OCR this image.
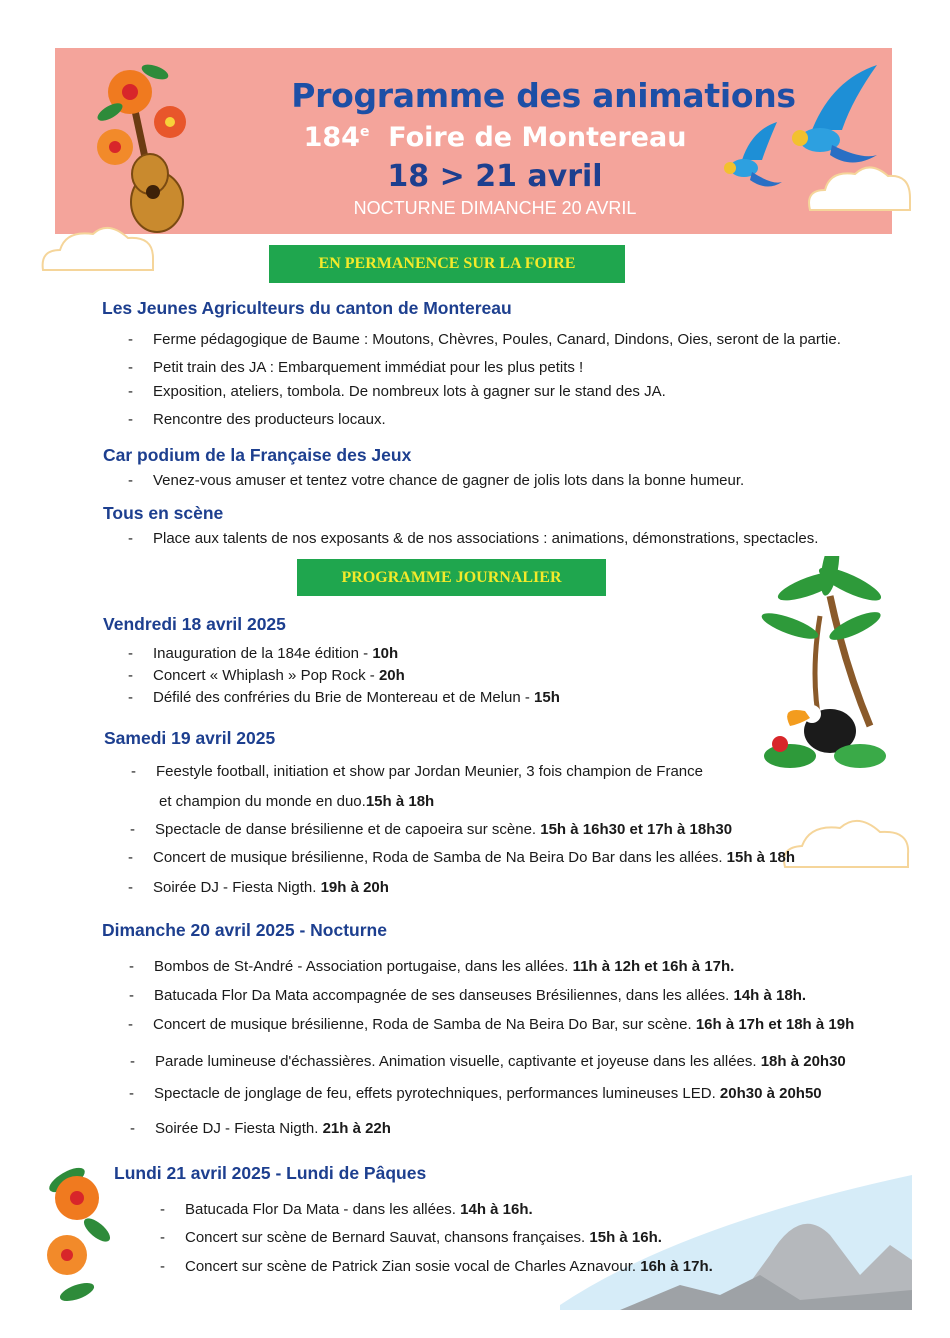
Programme des animations
184e Foire de Montereau
18 > 21 avril
NOCTURNE DIMANCHE 20 AVRIL
EN PERMANENCE SUR LA FOIRE
Les Jeunes Agriculteurs du canton de Montereau
- Ferme pédagogique de Baume : Moutons, Chèvres, Poules, Canard, Dindons, Oies, seront de la partie.
- Petit train des JA : Embarquement immédiat pour les plus petits !
- Exposition, ateliers, tombola. De nombreux lots à gagner sur le stand des JA.
- Rencontre des producteurs locaux.
Car podium de la Française des Jeux
- Venez-vous amuser et tentez votre chance de gagner de jolis lots dans la bonne humeur.
Tous en scène
- Place aux talents de nos exposants & de nos associations : animations, démonstrations, spectacles.
PROGRAMME JOURNALIER
Vendredi 18 avril 2025
- Inauguration de la 184e édition - 10h
- Concert « Whiplash » Pop Rock - 20h
- Défilé des confréries du Brie de Montereau et de Melun - 15h
Samedi 19 avril 2025
- Feestyle football, initiation et show par Jordan Meunier, 3 fois champion de France
et champion du monde en duo.15h à 18h
- Spectacle de danse brésilienne et de capoeira sur scène. 15h à 16h30 et 17h à 18h30
- Concert de musique brésilienne, Roda de Samba de Na Beira Do Bar dans les allées. 15h à 18h
- Soirée DJ - Fiesta Nigth. 19h à 20h
Dimanche 20 avril 2025 - Nocturne
- Bombos de St-André - Association portugaise, dans les allées. 11h à 12h et 16h à 17h.
- Batucada Flor Da Mata accompagnée de ses danseuses Brésiliennes, dans les allées. 14h à 18h.
- Concert de musique brésilienne, Roda de Samba de Na Beira Do Bar, sur scène. 16h à 17h et 18h à 19h
- Parade lumineuse d'échassières. Animation visuelle, captivante et joyeuse dans les allées. 18h à 20h30
- Spectacle de jonglage de feu, effets pyrotechniques, performances lumineuses LED. 20h30 à 20h50
- Soirée DJ - Fiesta Nigth. 21h à 22h
Lundi 21 avril 2025 - Lundi de Pâques
- Batucada Flor Da Mata - dans les allées. 14h à 16h.
- Concert sur scène de Bernard Sauvat, chansons françaises. 15h à 16h.
- Concert sur scène de Patrick Zian sosie vocal de Charles Aznavour. 16h à 17h.
